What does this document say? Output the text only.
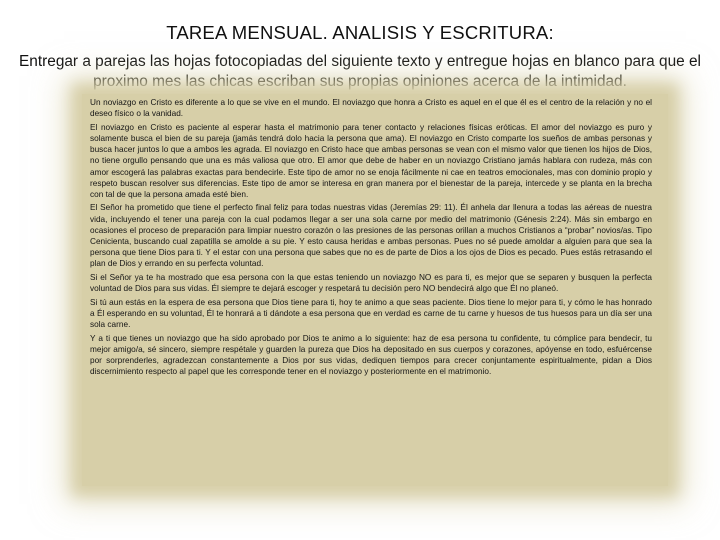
TAREA MENSUAL. ANALISIS Y ESCRITURA:
Entregar a parejas las hojas fotocopiadas del siguiente texto y entregue hojas en blanco para que el proximo mes las chicas escriban sus propias opiniones acerca de la intimidad.

Un noviazgo en Cristo es diferente a lo que se vive en el mundo. El noviazgo que honra a Cristo es aquel en el que él es el centro de la relación y no el deseo físico o la vanidad.

El noviazgo en Cristo es paciente al esperar hasta el matrimonio para tener contacto y relaciones físicas eróticas. El amor del noviazgo es puro y solamente busca el bien de su pareja (jamás tendrá dolo hacia la persona que ama). El noviazgo en Cristo comparte los sueños de ambas personas y busca hacer juntos lo que a ambos les agrada. El noviazgo en Cristo hace que ambas personas se vean con el mismo valor que tienen los hijos de Dios, no tiene orgullo pensando que una es más valiosa que otro. El amor que debe de haber en un noviazgo Cristiano jamás hablara con rudeza, más con amor escogerá las palabras exactas para bendecirle. Este tipo de amor no se enoja fácilmente ni cae en teatros emocionales, mas con dominio propio y respeto buscan resolver sus diferencias. Este tipo de amor se interesa en gran manera por el bienestar de la pareja, intercede y se planta en la brecha con tal de que la persona amada esté bien.

El Señor ha prometido que tiene el perfecto final feliz para todas nuestras vidas (Jeremías 29: 11). Él anhela dar llenura a todas las aéreas de nuestra vida, incluyendo el tener una pareja con la cual podamos llegar a ser una sola carne por medio del matrimonio (Génesis 2:24). Más sin embargo en ocasiones el proceso de preparación para limpiar nuestro corazón o las presiones de las personas orillan a muchos Cristianos a “probar” novios/as. Tipo Cenicienta, buscando cual zapatilla se amolde a su pie. Y esto causa heridas e ambas personas. Pues no sé puede amoldar a alguien para que sea la persona que tiene Dios para ti. Y el estar con una persona que sabes que no es de parte de Dios a los ojos de Dios es pecado. Pues estás retrasando el plan de Dios y errando en su perfecta voluntad.

Si el Señor ya te ha mostrado que esa persona con la que estas teniendo un noviazgo NO es para ti, es mejor que se separen y busquen la perfecta voluntad de Dios para sus vidas. Él siempre te dejará escoger y respetará tu decisión pero NO bendecirá algo que Él no planeó.

Si tú aun estás en la espera de esa persona que Dios tiene para ti, hoy te animo a que seas paciente. Dios tiene lo mejor para ti, y cómo le has honrado a Él esperando en su voluntad, Él te honrará a ti dándote a esa persona que en verdad es carne de tu carne y huesos de tus huesos para un día ser una sola carne.

Y a ti que tienes un noviazgo que ha sido aprobado por Dios te animo a lo siguiente: haz de esa persona tu confidente, tu cómplice para bendecir, tu mejor amigo/a, sé sincero, siempre respétale y guarden la pureza que Dios ha depositado en sus cuerpos y corazones, apóyense en todo, esfuércense por sorprenderles, agradezcan constantemente a Dios por sus vidas, dediquen tiempos para crecer conjuntamente espiritualmente, pidan a Dios discernimiento respecto al papel que les corresponde tener en el noviazgo y posteriormente en el matrimonio.
